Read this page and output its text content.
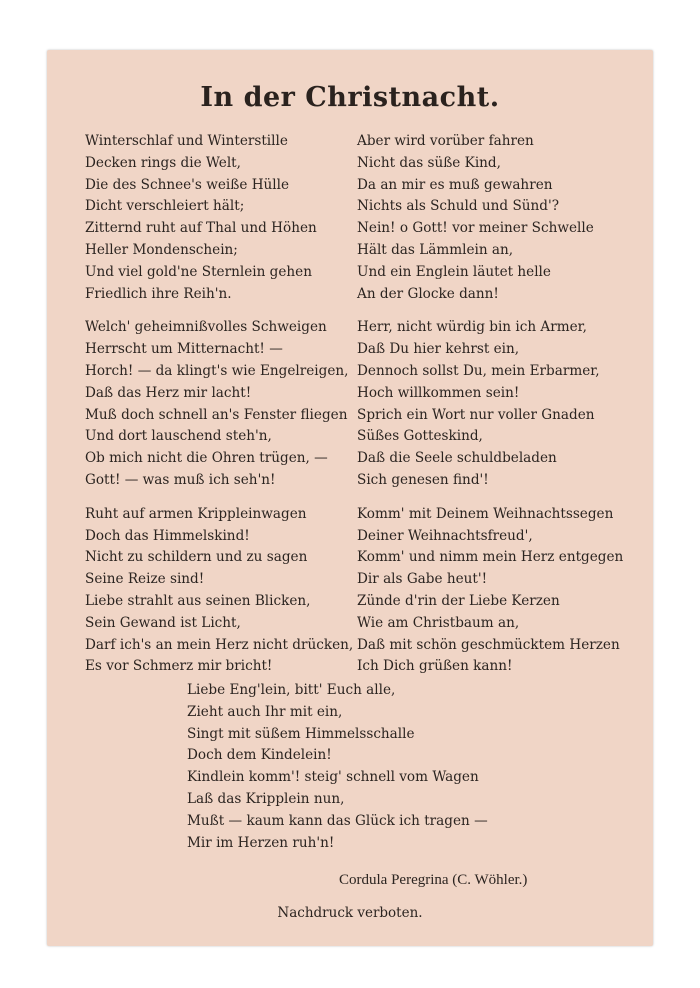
In der Christnacht.
Winterschlaf und Winterstille
Decken rings die Welt,
Die des Schnee's weiße Hülle
Dicht verschleiert hält;
Zitternd ruht auf Thal und Höhen
Heller Mondenschein;
Und viel gold'ne Sternlein gehen
Friedlich ihre Reih'n.
Welch' geheimnißvolles Schweigen
Herrscht um Mitternacht! —
Horch! — da klingt's wie Engelreigen,
Daß das Herz mir lacht!
Muß doch schnell an's Fenster fliegen
Und dort lauschend steh'n,
Ob mich nicht die Ohren trügen, —
Gott! — was muß ich seh'n!
Ruht auf armen Krippleinwagen
Doch das Himmelskind!
Nicht zu schildern und zu sagen
Seine Reize sind!
Liebe strahlt aus seinen Blicken,
Sein Gewand ist Licht,
Darf ich's an mein Herz nicht drücken,
Es vor Schmerz mir bricht!
Aber wird vorüber fahren
Nicht das süße Kind,
Da an mir es muß gewahren
Nichts als Schuld und Sünd'?
Nein! o Gott! vor meiner Schwelle
Hält das Lämmlein an,
Und ein Englein läutet helle
An der Glocke dann!
Herr, nicht würdig bin ich Armer,
Daß Du hier kehrst ein,
Dennoch sollst Du, mein Erbarmer,
Hoch willkommen sein!
Sprich ein Wort nur voller Gnaden
Süßes Gotteskind,
Daß die Seele schuldbeladen
Sich genesen find'!
Komm' mit Deinem Weihnachtssegen
Deiner Weihnachtsfreud',
Komm' und nimm mein Herz entgegen
Dir als Gabe heut'!
Zünde d'rin der Liebe Kerzen
Wie am Christbaum an,
Daß mit schön geschmücktem Herzen
Ich Dich grüßen kann!
Liebe Eng'lein, bitt' Euch alle,
Zieht auch Ihr mit ein,
Singt mit süßem Himmelsschalle
Doch dem Kindelein!
Kindlein komm'! steig' schnell vom Wagen
Laß das Kripplein nun,
Mußt — kaum kann das Glück ich tragen —
Mir im Herzen ruh'n!
Cordula Peregrina (C. Wöhler.)
Nachdruck verboten.
